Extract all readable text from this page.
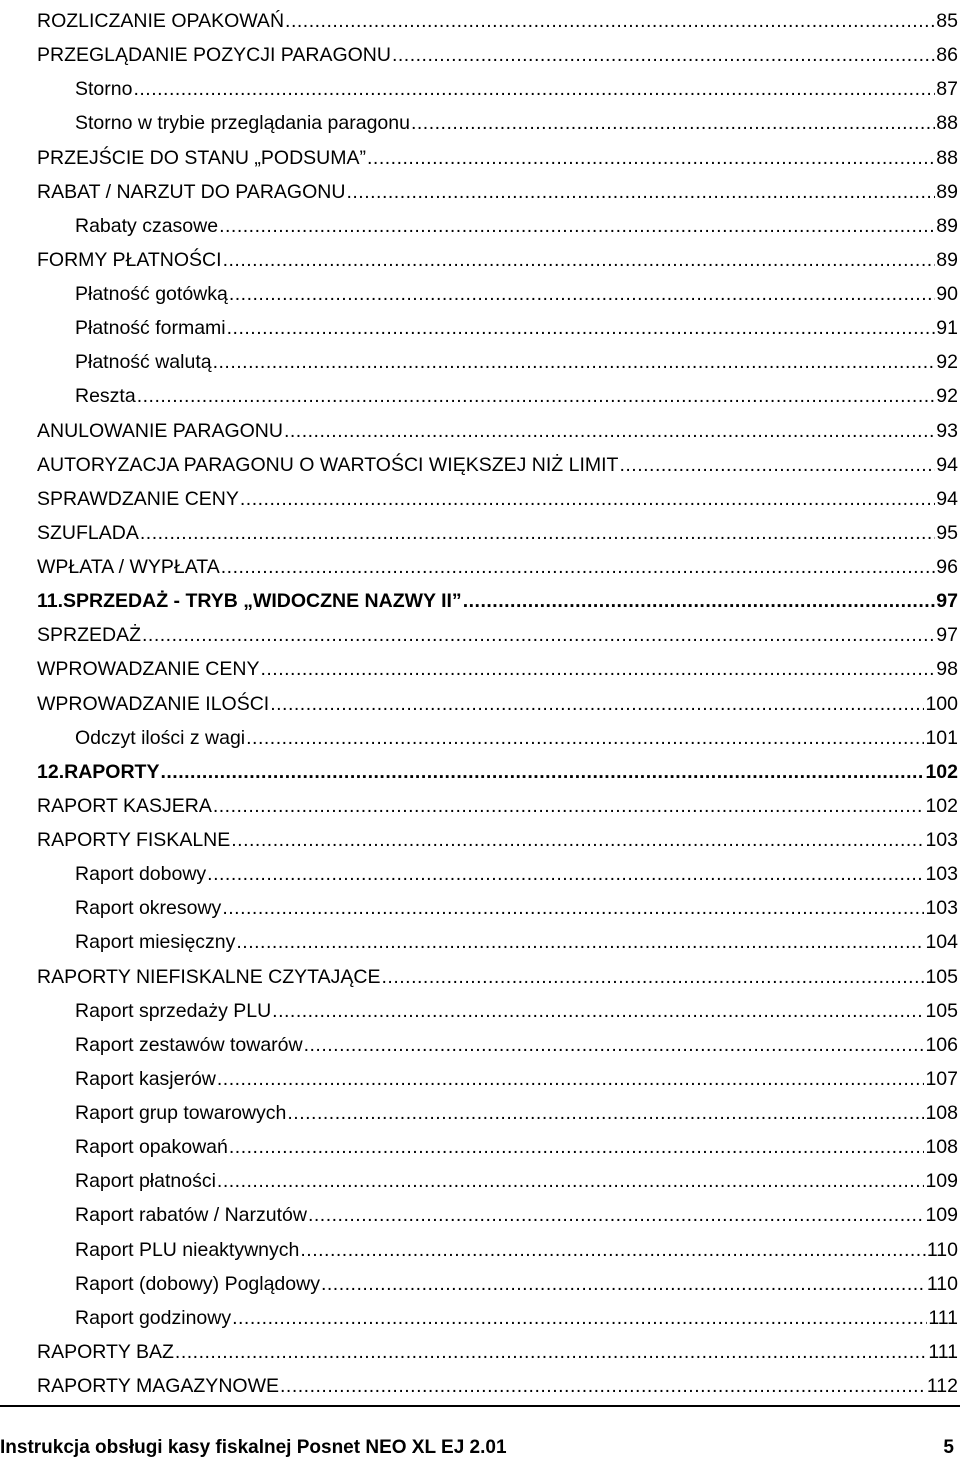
ROZLICZANIE OPAKOWAŃ .....	85
PRZEGLĄDANIE POZYCJI PARAGONU .....	86
Storno .....	87
Storno w trybie przeglądania paragonu .....	88
PRZEJŚCIE DO STANU „PODSUMA” .....	88
RABAT / NARZUT DO PARAGONU .....	89
Rabaty czasowe .....	89
FORMY PŁATNOŚCI .....	89
Płatność gotówką .....	90
Płatność formami .....	91
Płatność walutą .....	92
Reszta .....	92
ANULOWANIE PARAGONU .....	93
AUTORYZACJA PARAGONU O WARTOŚCI WIĘKSZEJ NIŻ LIMIT .....	94
SPRAWDZANIE CENY .....	94
SZUFLADA .....	95
WPŁATA / WYPŁATA .....	96
11.SPRZEDAŻ - TRYB „WIDOCZNE NAZWY II” .....	97
SPRZEDAŻ .....	97
WPROWADZANIE CENY .....	98
WPROWADZANIE ILOŚCI .....	100
Odczyt ilości z wagi .....	101
12.RAPORTY .....	102
RAPORT KASJERA .....	102
RAPORTY FISKALNE .....	103
Raport dobowy .....	103
Raport okresowy .....	103
Raport miesięczny .....	104
RAPORTY NIEFISKALNE CZYTAJĄCE .....	105
Raport sprzedaży PLU .....	105
Raport zestawów towarów .....	106
Raport kasjerów .....	107
Raport grup towarowych .....	108
Raport opakowań .....	108
Raport płatności .....	109
Raport rabatów / Narzutów .....	109
Raport PLU nieaktywnych .....	110
Raport (dobowy) Poglądowy .....	110
Raport godzinowy .....	111
RAPORTY BAZ .....	111
RAPORTY MAGAZYNOWE .....	112
Instrukcja obsługi kasy fiskalnej Posnet NEO XL EJ 2.01	5
